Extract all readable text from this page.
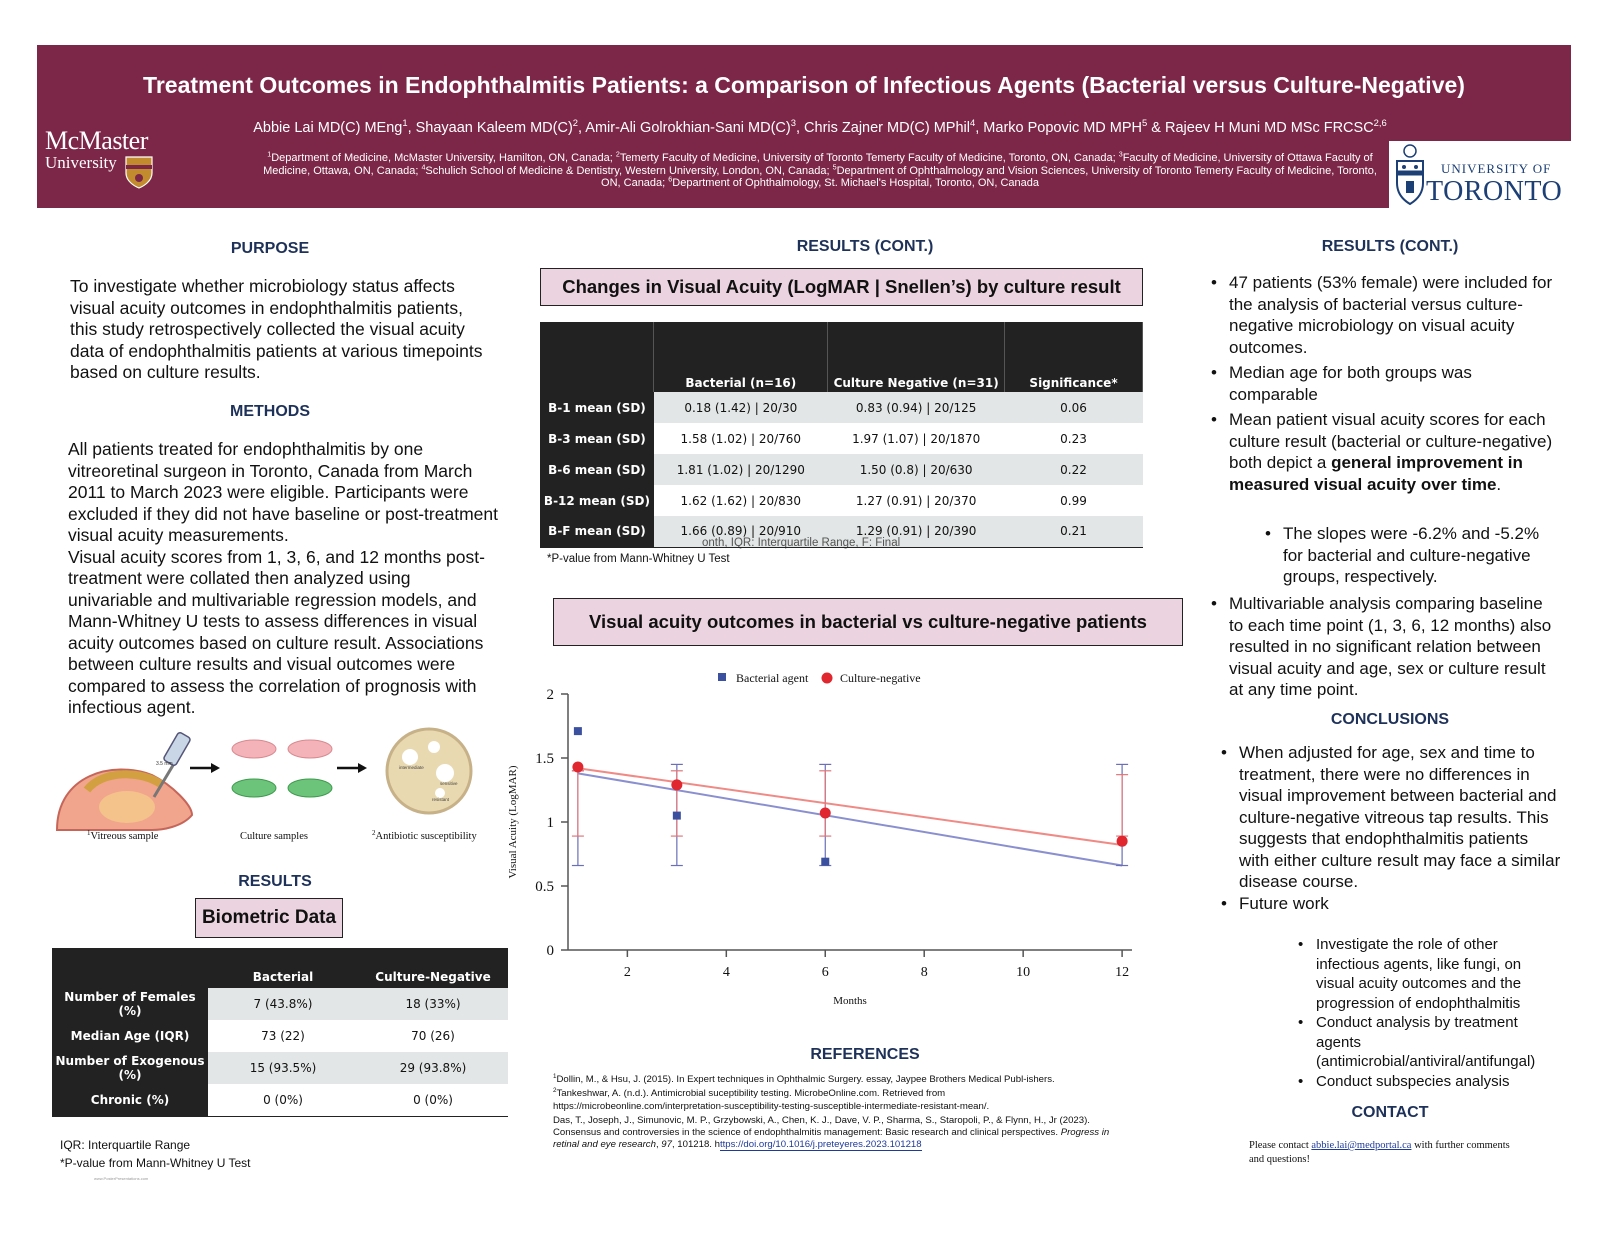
Treatment Outcomes in Endophthalmitis Patients: a Comparison of Infectious Agents (Bacterial versus Culture-Negative)
Abbie Lai MD(C) MEng$^1$, Shayaan Kaleem $MD(C)^2$, Amir-Ali Golrokhian-Sani $MD(C)^3$, Chris Zajner MD(C) MPhil$^4$, Marko Popovic MD MPH$^5$ & Rajeev H Muni MD MSc FRCSC$^{2,6}$
$^1$Department of Medicine, McMaster University, Hamilton, ON, Canada; $^2$Temerty Faculty of Medicine, University of Toronto Temerty Faculty of Medicine, Toronto, ON, Canada; $^3$Faculty of Medicine, University of Ottawa Faculty of Medicine, Ottawa, ON, Canada; $^4$Schulich School of Medicine & Dentistry, Western University, London, ON, Canada; $^5$Department of Ophthalmology and Vision Sciences, University of Toronto Temerty Faculty of Medicine, Toronto, ON, Canada; $^6$Department of Ophthalmology, St. Michael's Hospital, Toronto, ON, Canada
McMaster
University	UNIVERSITY OF
TORONTO
PURPOSE
To investigate whether microbiology status affects visual acuity outcomes in endophthalmitis patients, this study retrospectively collected the visual acuity data of endophthalmitis patients at various timepoints based on culture results.
METHODS
All patients treated for endophthalmitis by one vitreoretinal surgeon in Toronto, Canada from March 2011 to March 2023 were eligible. Participants were excluded if they did not have baseline or post-treatment visual acuity measurements.
Visual acuity scores from 1, 3, 6, and 12 months post-treatment were collated then analyzed using univariable and multivariable regression models, and Mann-Whitney U tests to assess differences in visual acuity outcomes based on culture result. Associations between culture results and visual outcomes were compared to assess the correlation of prognosis with infectious agent.
3.5 mm
intermediate
sensitive
resistant
$^1$Vitreous sample	Culture samples	$^2$Antibiotic susceptibility
RESULTS
Biometric Data
	Bacterial	Culture-Negative
Number of Females (%)	7 (43.8%)	18 (33%)
Median Age (IQR)	73 (22)	70 (26)
Number of Exogenous (%)	15 (93.5%)	29 (93.8%)
Chronic (%)	0 (0%)	0 (0%)
IQR: Interquartile Range
*P-value from Mann-Whitney U Test
www.PosterPresentations.com
RESULTS (CONT.)
Changes in Visual Acuity (LogMAR | Snellen’s) by culture result
	Bacterial (n=16)	Culture Negative (n=31)	Significance*
B-1 mean (SD)	0.18 (1.42) | 20/30	0.83 (0.94) | 20/125	0.06
B-3 mean (SD)	1.58 (1.02) | 20/760	1.97 (1.07) | 20/1870	0.23
B-6 mean (SD)	1.81 (1.02) | 20/1290	1.50 (0.8) | 20/630	0.22
B-12 mean (SD)	1.62 (1.62) | 20/830	1.27 (0.91) | 20/370	0.99
B-F mean (SD)	1.66 (0.89) | 20/910	1.29 (0.91) | 20/390	0.21
onth, IQR: Interquartile Range, F: Final
*P-value from Mann-Whitney U Test
Visual acuity outcomes in bacterial vs culture-negative patients
Bacterial agent	Culture-negative
0
0.5
1
1.5
2
2	4	6	8	10	12
Months
Visual Acuity (LogMAR)
REFERENCES
$^1$Dollin, M., & Hsu, J. (2015). In Expert techniques in Ophthalmic Surgery. essay, Jaypee Brothers Medical Publ-ishers.
$^2$Tankeshwar, A. (n.d.). Antimicrobial suceptibility testing. MicrobeOnline.com. Retrieved from https://microbeonline.com/interpretation-susceptibility-testing-susceptible-intermediate-resistant-mean/.
Das, T., Joseph, J., Simunovic, M. P., Grzybowski, A., Chen, K. J., Dave, V. P., Sharma, S., Staropoli, P., & Flynn, H., Jr (2023). Consensus and controversies in the science of endophthalmitis management: Basic research and clinical perspectives. Progress in retinal and eye research, 97, 101218. https://doi.org/10.1016/j.preteyeres.2023.101218
RESULTS (CONT.)
• 47 patients (53% female) were included for the analysis of bacterial versus culture-negative microbiology on visual acuity outcomes.
• Median age for both groups was comparable
• Mean patient visual acuity scores for each culture result (bacterial or culture-negative) both depict a general improvement in measured visual acuity over time.
• The slopes were -6.2% and -5.2% for bacterial and culture-negative groups, respectively.
• Multivariable analysis comparing baseline to each time point (1, 3, 6, 12 months) also resulted in no significant relation between visual acuity and age, sex or culture result at any time point.
CONCLUSIONS
• When adjusted for age, sex and time to treatment, there were no differences in visual improvement between bacterial and culture-negative vitreous tap results. This suggests that endophthalmitis patients with either culture result may face a similar disease course.
• Future work
• Investigate the role of other infectious agents, like fungi, on visual acuity outcomes and the progression of endophthalmitis
• Conduct analysis by treatment agents (antimicrobial/antiviral/antifungal)
• Conduct subspecies analysis
CONTACT
Please contact abbie.lai@medportal.ca with further comments and questions!
